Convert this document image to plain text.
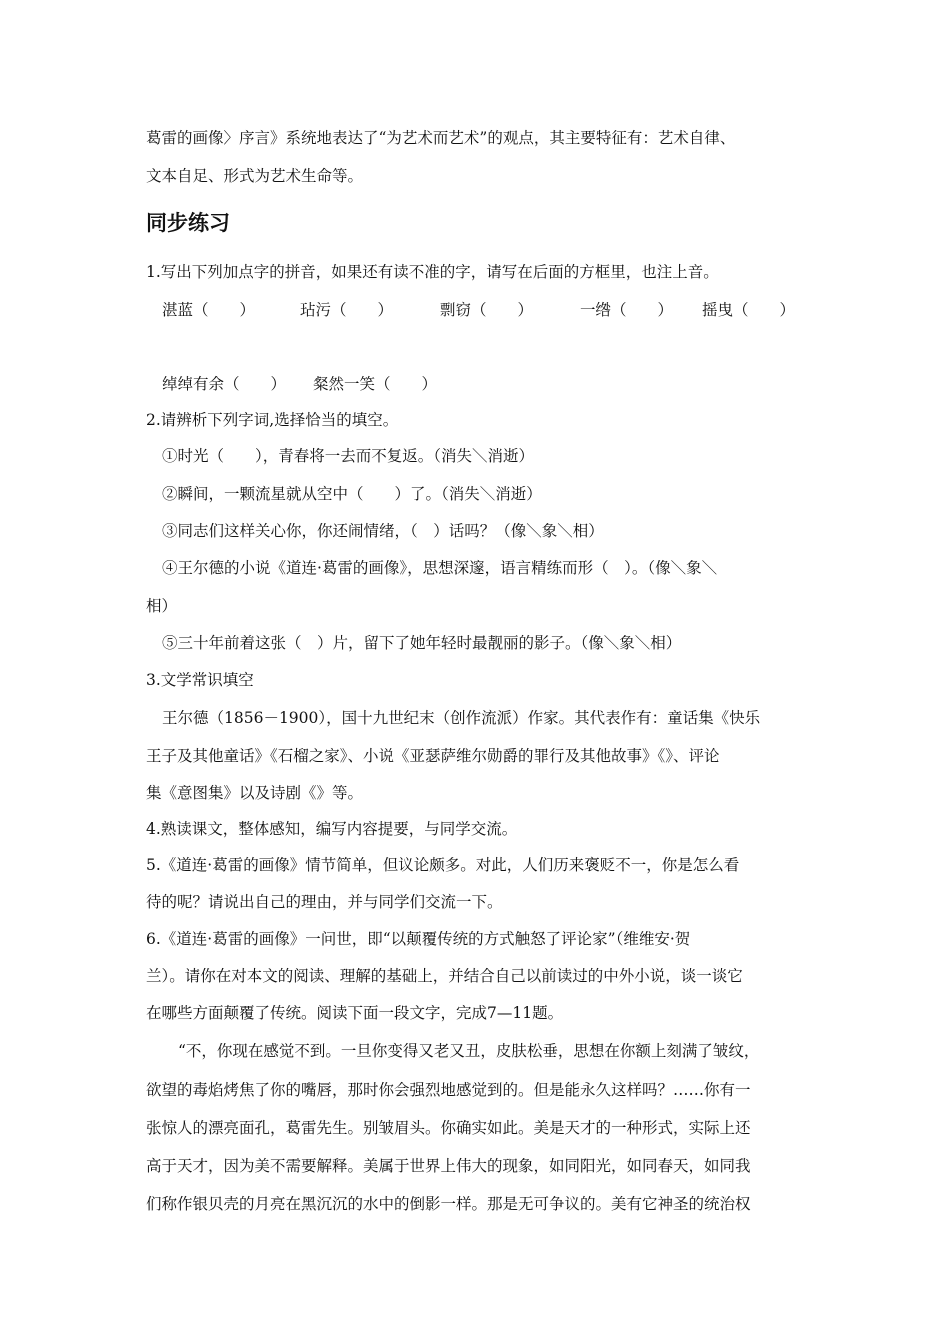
葛雷的画像〉序言》系统地表达了“为艺术而艺术”的观点，其主要特征有：艺术自律、
文本自足、形式为艺术生命等。
同步练习
1.写出下列加点字的拼音，如果还有读不准的字，请写在后面的方框里，也注上音。
湛蓝（　　）	玷污（　　）	剽窃（　　）	一绺（　　） 摇曳（　　）
绰绰有余（　　） 粲然一笑（　　）
2.请辨析下列字词,选择恰当的填空。
①时光（　　），青春将一去而不复返。（消失＼消逝）
②瞬间，一颗流星就从空中（　　）了。（消失＼消逝）
③同志们这样关心你，你还闹情绪，（　）话吗？（像＼象＼相）
④王尔德的小说《道连·葛雷的画像》，思想深邃，语言精练而形（　）。（像＼象＼
相）
⑤三十年前着这张（　）片，留下了她年轻时最靓丽的影子。（像＼象＼相）
3.文学常识填空
王尔德（1856－1900），国十九世纪末（创作流派）作家。其代表作有：童话集《快乐
王子及其他童话》《石榴之家》、小说《亚瑟萨维尔勋爵的罪行及其他故事》《》、评论
集《意图集》以及诗剧《》等。
4.熟读课文，整体感知，编写内容提要，与同学交流。
5.《道连·葛雷的画像》情节简单，但议论颇多。对此，人们历来褒贬不一，你是怎么看
待的呢？请说出自己的理由，并与同学们交流一下。
6.《道连·葛雷的画像》一问世，即“以颠覆传统的方式触怒了评论家”（维维安·贺
兰）。请你在对本文的阅读、理解的基础上，并结合自己以前读过的中外小说，谈一谈它
在哪些方面颠覆了传统。阅读下面一段文字，完成7—11题。
“不，你现在感觉不到。一旦你变得又老又丑，皮肤松垂，思想在你额上刻满了皱纹，
欲望的毒焰烤焦了你的嘴唇，那时你会强烈地感觉到的。但是能永久这样吗？……你有一
张惊人的漂亮面孔，葛雷先生。别皱眉头。你确实如此。美是天才的一种形式，实际上还
高于天才，因为美不需要解释。美属于世界上伟大的现象，如同阳光，如同春天，如同我
们称作银贝壳的月亮在黑沉沉的水中的倒影一样。那是无可争议的。美有它神圣的统治权
